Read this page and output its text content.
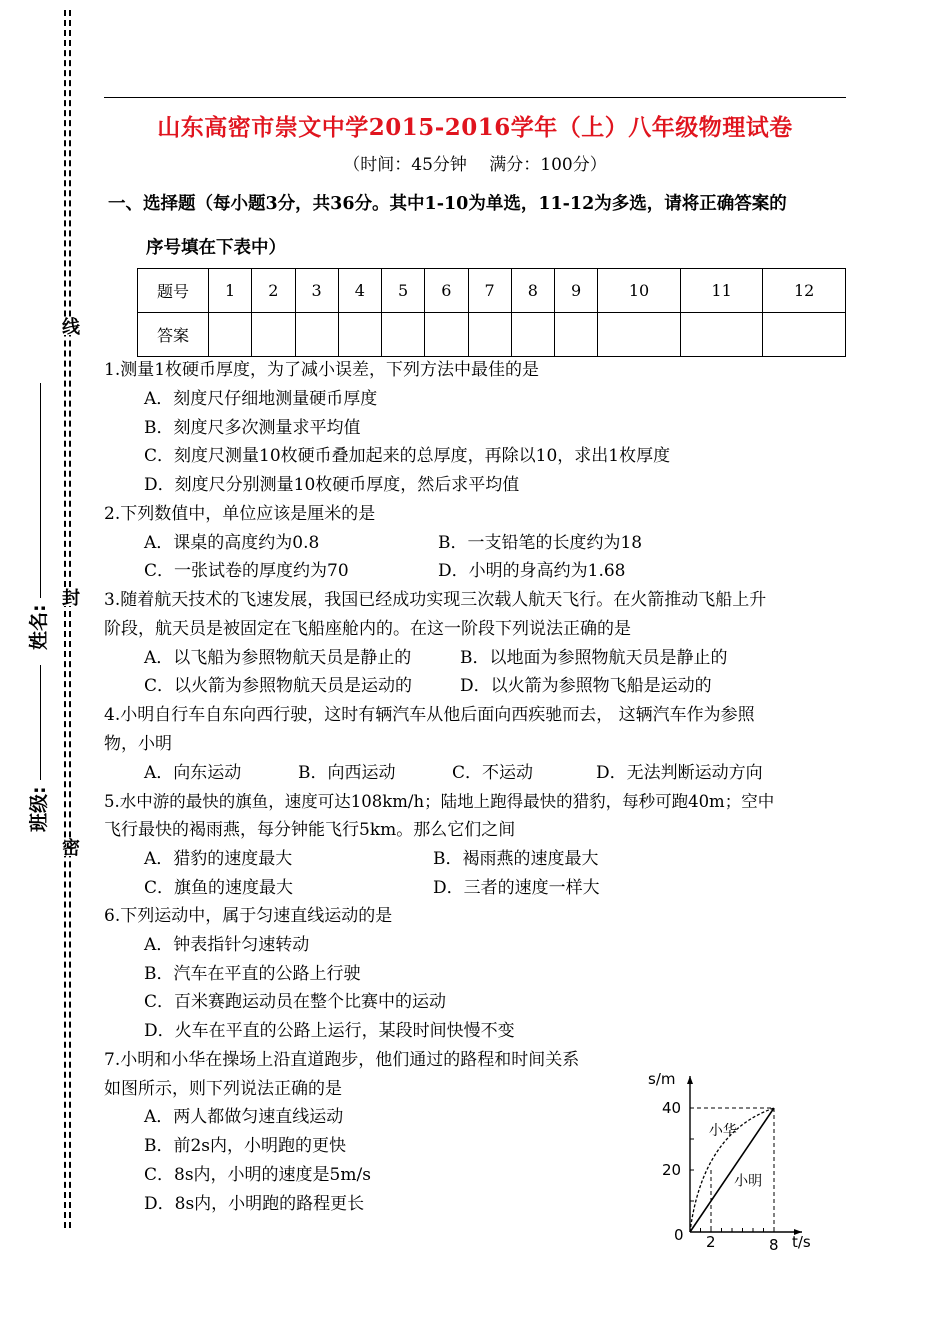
线
封
密
姓名:
班级:
山东高密市崇文中学2015-2016学年（上）八年级物理试卷
（时间：45分钟　 满分：100分）
一、选择题（每小题3分，共36分。其中1-10为单选，11-12为多选，请将正确答案的
序号填在下表中）
题号	1	2	3	4	5	6	7	8	9	10	11	12
答案												
1.测量1枚硬币厚度，为了减小误差，下列方法中最佳的是
A．刻度尺仔细地测量硬币厚度
B．刻度尺多次测量求平均值
C．刻度尺测量10枚硬币叠加起来的总厚度，再除以10，求出1枚厚度
D．刻度尺分别测量10枚硬币厚度，然后求平均值
2.下列数值中，单位应该是厘米的是
A．课桌的高度约为0.8	B．一支铅笔的长度约为18
C．一张试卷的厚度约为70	D．小明的身高约为1.68
3.随着航天技术的飞速发展，我国已经成功实现三次载人航天飞行。在火箭推动飞船上升
阶段，航天员是被固定在飞船座舱内的。在这一阶段下列说法正确的是
A．以飞船为参照物航天员是静止的	B．以地面为参照物航天员是静止的
C．以火箭为参照物航天员是运动的	D．以火箭为参照物飞船是运动的
4.小明自行车自东向西行驶，这时有辆汽车从他后面向西疾驰而去， 这辆汽车作为参照
物，小明
A．向东运动	B．向西运动	C．不运动	D．无法判断运动方向
5.水中游的最快的旗鱼，速度可达108km/h；陆地上跑得最快的猎豹，每秒可跑40m；空中
飞行最快的褐雨燕，每分钟能飞行5km。那么它们之间
A．猎豹的速度最大	B．褐雨燕的速度最大
C．旗鱼的速度最大	D．三者的速度一样大
6.下列运动中，属于匀速直线运动的是
A．钟表指针匀速转动
B．汽车在平直的公路上行驶
C．百米赛跑运动员在整个比赛中的运动
D．火车在平直的公路上运行，某段时间快慢不变
7.小明和小华在操场上沿直道跑步，他们通过的路程和时间关系
如图所示，则下列说法正确的是
A．两人都做匀速直线运动
B．前2s内，小明跑的更快
C．8s内，小明的速度是5m/s
D．8s内，小明跑的路程更长
s/m
t/s
0 2	8
40
20
小华
小明
